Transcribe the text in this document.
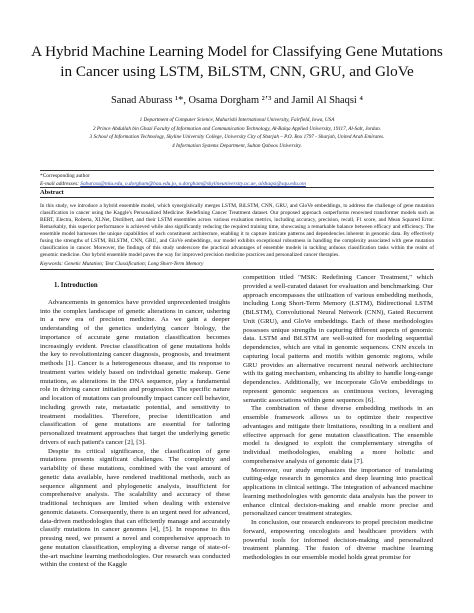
A Hybrid Machine Learning Model for Classifying Gene Mutations in Cancer using LSTM, BiLSTM, CNN, GRU, and GloVe
Sanad Aburass ¹*, Osama Dorgham ²ʼ³ and Jamil Al Shaqsi ⁴
1 Department of Computer Science, Maharishi International University, Fairfield, Iowa, USA
2 Prince Abdullah bin Ghazi Faculty of Information and Communication Technology, Al-Balqa Applied University, 19117, Al-Salt, Jordan.
3 School of Information Technology, Skyline University College, University City of Sharjah – P.O. Box 1797 - Sharjah, United Arab Emirates.
4 Information Systems Department, Sultan Qaboos University.
*Corresponding author
E-mail addresses: Saburass@miu.edu, o.dorgham@bau.edu.jo, o.dorgham@skylineuniversity.ac.ae, alshaqsi@squ.edu.om
Abstract
In this study, we introduce a hybrid ensemble model, which synergistically merges LSTM, BiLSTM, CNN, GRU, and GloVe embeddings, to address the challenge of gene mutation classification in cancer using the Kaggle's Personalized Medicine: Redefining Cancer Treatment dataset. Our proposed approach outperforms renowned transformer models such as BERT, Electra, Roberta, XLNet, Distilbert, and their LSTM ensembles across various evaluation metrics, including accuracy, precision, recall, F1 score, and Mean Squared Error. Remarkably, this superior performance is achieved while also significantly reducing the required training time, showcasing a remarkable balance between efficacy and efficiency. The ensemble model harnesses the unique capabilities of each constituent architecture, enabling it to capture intricate patterns and dependencies inherent in genomic data. By effectively fusing the strengths of LSTM, BiLSTM, CNN, GRU, and GloVe embeddings, our model exhibits exceptional robustness in handling the complexity associated with gene mutation classification in cancer. Moreover, the findings of this study underscore the practical advantages of ensemble models in tackling arduous classification tasks within the realm of genomic medicine. Our hybrid ensemble model paves the way for improved precision medicine practices and personalized cancer therapies.
Keywords: Genetic Mutation; Text Classification; Long Short-Term Memory
1. Introduction

Advancements in genomics have provided unprecedented insights into the complex landscape of genetic alterations in cancer, ushering in a new era of precision medicine. As we gain a deeper understanding of the genetics underlying cancer biology, the importance of accurate gene mutation classification becomes increasingly evident. Precise classification of gene mutations holds the key to revolutionizing cancer diagnosis, prognosis, and treatment methods [1]. Cancer is a heterogeneous disease, and its response to treatment varies widely based on individual genetic makeup. Gene mutations, as alterations in the DNA sequence, play a fundamental role in driving cancer initiation and progression. The specific nature and location of mutations can profoundly impact cancer cell behavior, including growth rate, metastatic potential, and sensitivity to treatment modalities. Therefore, precise identification and classification of gene mutations are essential for tailoring personalized treatment approaches that target the underlying genetic drivers of each patient's cancer [2], [3].

Despite its critical significance, the classification of gene mutations presents significant challenges. The complexity and variability of these mutations, combined with the vast amount of genetic data available, have rendered traditional methods, such as sequence alignment and phylogenetic analysis, insufficient for comprehensive analysis. The scalability and accuracy of these traditional techniques are limited when dealing with extensive genomic datasets. Consequently, there is an urgent need for advanced, data-driven methodologies that can efficiently manage and accurately classify mutations in cancer genomes [4], [5]. In response to this pressing need, we present a novel and comprehensive approach to gene mutation classification, employing a diverse range of state-of-the-art machine learning methodologies. Our research was conducted within the context of the Kaggle

competition titled "MSK: Redefining Cancer Treatment," which provided a well-curated dataset for evaluation and benchmarking. Our approach encompasses the utilization of various embedding methods, including Long Short-Term Memory (LSTM), Bidirectional LSTM (BiLSTM), Convolutional Neural Network (CNN), Gated Recurrent Unit (GRU), and GloVe embeddings. Each of these methodologies possesses unique strengths in capturing different aspects of genomic data. LSTM and BiLSTM are well-suited for modeling sequential dependencies, which are vital in genomic sequences. CNN excels in capturing local patterns and motifs within genomic regions, while GRU provides an alternative recurrent neural network architecture with its gating mechanism, enhancing its ability to handle long-range dependencies. Additionally, we incorporate GloVe embeddings to represent genomic sequences as continuous vectors, leveraging semantic associations within gene sequences [6].

The combination of these diverse embedding methods in an ensemble framework allows us to optimize their respective advantages and mitigate their limitations, resulting in a resilient and effective approach for gene mutation classification. The ensemble model is designed to exploit the complementary strengths of individual methodologies, enabling a more holistic and comprehensive analysis of genomic data [7].

Moreover, our study emphasizes the importance of translating cutting-edge research in genomics and deep learning into practical applications in clinical settings. The integration of advanced machine learning methodologies with genomic data analysis has the power to enhance clinical decision-making and enable more precise and personalized cancer treatment strategies.

In conclusion, our research endeavors to propel precision medicine forward, empowering oncologists and healthcare providers with powerful tools for informed decision-making and personalized treatment planning. The fusion of diverse machine learning methodologies in our ensemble model holds great promise for
